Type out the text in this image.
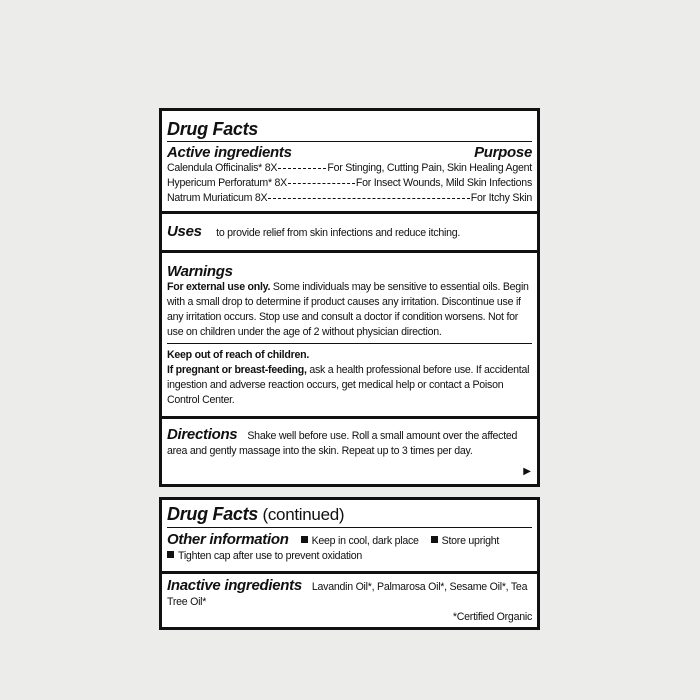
Drug Facts
Active ingredients	Purpose
Calendula Officinalis* 8X	For Stinging, Cutting Pain, Skin Healing Agent
Hypericum Perforatum* 8X	For Insect Wounds, Mild Skin Infections
Natrum Muriaticum 8X	For Itchy Skin
Uses to provide relief from skin infections and reduce itching.
Warnings
For external use only. Some individuals may be sensitive to essential oils. Begin with a small drop to determine if product causes any irritation. Discontinue use if any irritation occurs. Stop use and consult a doctor if condition worsens. Not for use on children under the age of 2 without physician direction.
Keep out of reach of children.
If pregnant or breast-feeding, ask a health professional before use. If accidental ingestion and adverse reaction occurs, get medical help or contact a Poison Control Center.
Directions Shake well before use. Roll a small amount over the affected area and gently massage into the skin. Repeat up to 3 times per day.
▶
Drug Facts (continued)
Other information	Keep in cool, dark place	Store upright
Tighten cap after use to prevent oxidation
Inactive ingredients Lavandin Oil*, Palmarosa Oil*, Sesame Oil*, Tea Tree Oil*
*Certified Organic
